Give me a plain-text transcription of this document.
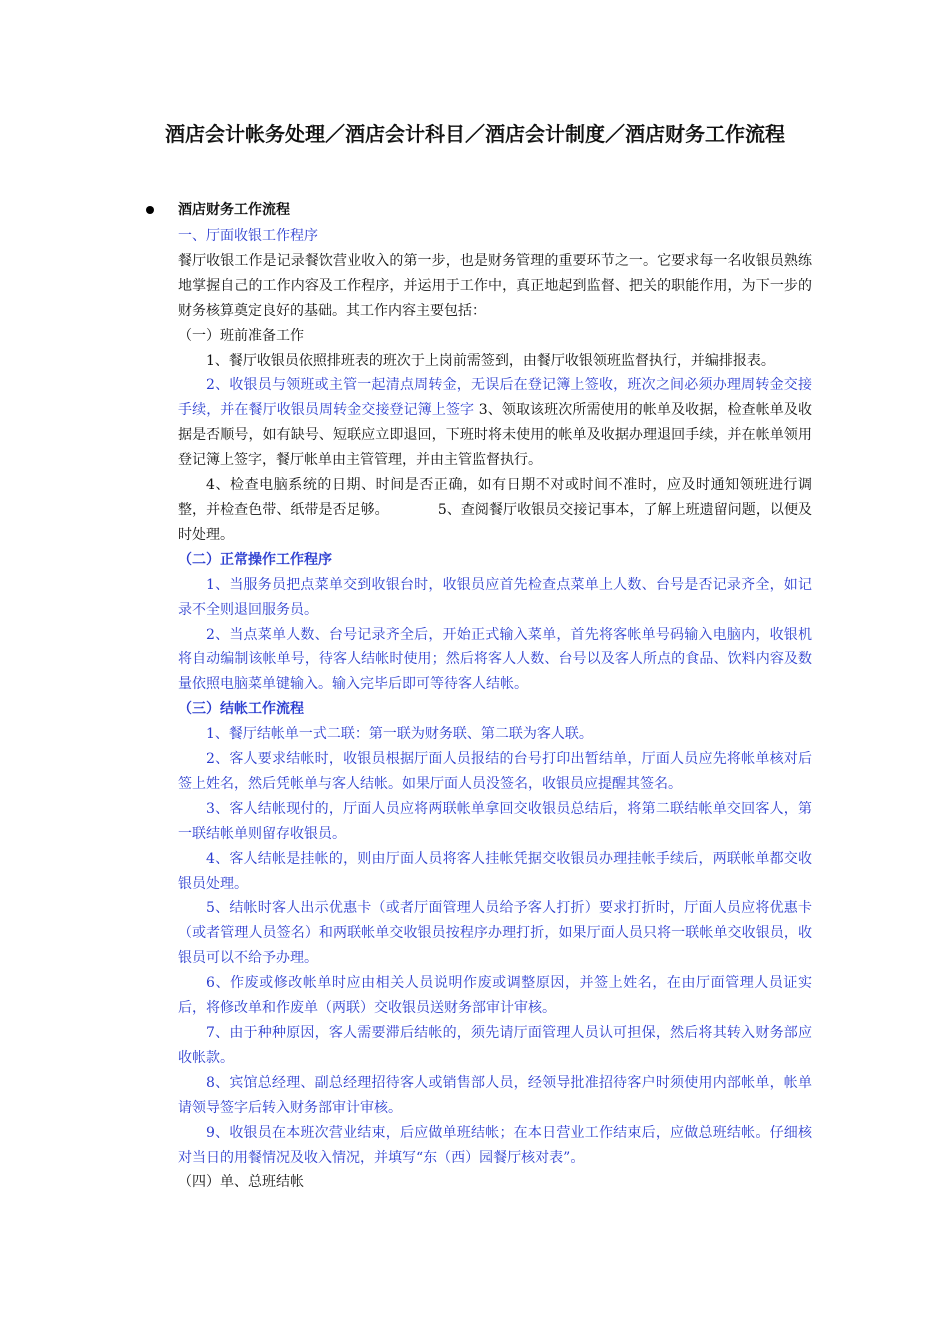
酒店会计帐务处理／酒店会计科目／酒店会计制度／酒店财务工作流程
酒店财务工作流程

一、厅面收银工作程序

餐厅收银工作是记录餐饮营业收入的第一步，也是财务管理的重要环节之一。它要求每一名收银员熟练地掌握自己的工作内容及工作程序，并运用于工作中，真正地起到监督、把关的职能作用，为下一步的财务核算奠定良好的基础。其工作内容主要包括：

（一）班前准备工作

1、餐厅收银员依照排班表的班次于上岗前需签到，由餐厅收银领班监督执行，并编排报表。

2、收银员与领班或主管一起清点周转金，无误后在登记簿上签收，班次之间必须办理周转金交接手续，并在餐厅收银员周转金交接登记簿上签字 3、领取该班次所需使用的帐单及收据，检查帐单及收据是否顺号，如有缺号、短联应立即退回，下班时将未使用的帐单及收据办理退回手续，并在帐单领用登记簿上签字，餐厅帐单由主管管理，并由主管监督执行。

4、检查电脑系统的日期、时间是否正确，如有日期不对或时间不准时，应及时通知领班进行调整，并检查色带、纸带是否足够。　　　　5、查阅餐厅收银员交接记事本，了解上班遗留问题，以便及时处理。

（二）正常操作工作程序

1、当服务员把点菜单交到收银台时，收银员应首先检查点菜单上人数、台号是否记录齐全，如记录不全则退回服务员。

2、当点菜单人数、台号记录齐全后，开始正式输入菜单，首先将客帐单号码输入电脑内，收银机将自动编制该帐单号，待客人结帐时使用；然后将客人人数、台号以及客人所点的食品、饮料内容及数量依照电脑菜单键输入。输入完毕后即可等待客人结帐。

（三）结帐工作流程

1、餐厅结帐单一式二联：第一联为财务联、第二联为客人联。

2、客人要求结帐时，收银员根据厅面人员报结的台号打印出暂结单，厅面人员应先将帐单核对后签上姓名，然后凭帐单与客人结帐。如果厅面人员没签名，收银员应提醒其签名。

3、客人结帐现付的，厅面人员应将两联帐单拿回交收银员总结后，将第二联结帐单交回客人，第一联结帐单则留存收银员。

4、客人结帐是挂帐的，则由厅面人员将客人挂帐凭据交收银员办理挂帐手续后，两联帐单都交收银员处理。

5、结帐时客人出示优惠卡（或者厅面管理人员给予客人打折）要求打折时，厅面人员应将优惠卡（或者管理人员签名）和两联帐单交收银员按程序办理打折，如果厅面人员只将一联帐单交收银员，收银员可以不给予办理。

6、作废或修改帐单时应由相关人员说明作废或调整原因，并签上姓名，在由厅面管理人员证实后，将修改单和作废单（两联）交收银员送财务部审计审核。

7、由于种种原因，客人需要滞后结帐的，须先请厅面管理人员认可担保，然后将其转入财务部应收帐款。

8、宾馆总经理、副总经理招待客人或销售部人员，经领导批准招待客户时须使用内部帐单，帐单请领导签字后转入财务部审计审核。

9、收银员在本班次营业结束，后应做单班结帐；在本日营业工作结束后，应做总班结帐。仔细核对当日的用餐情况及收入情况，并填写“东（西）园餐厅核对表”。

（四）单、总班结帐
